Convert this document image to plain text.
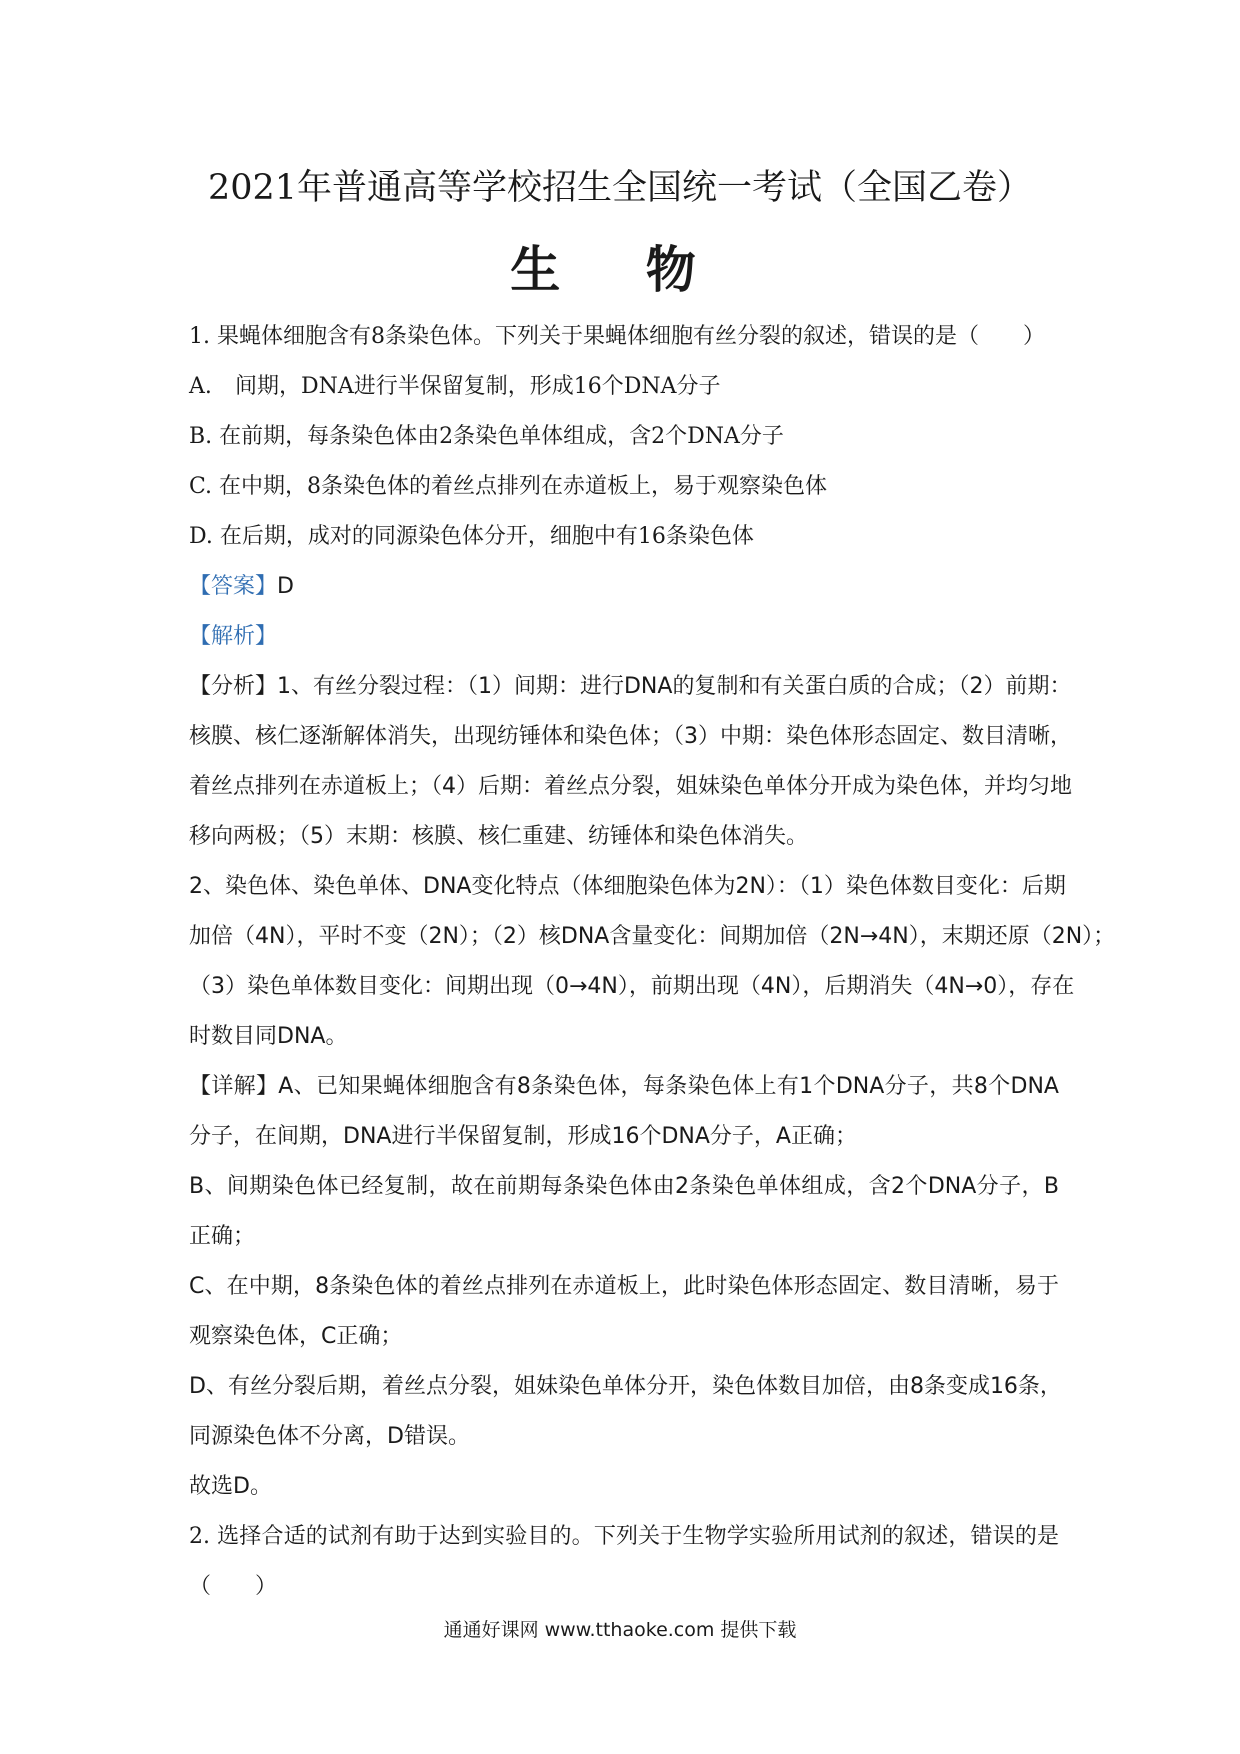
2021年普通高等学校招生全国统一考试（全国乙卷）
生 物
1. 果蝇体细胞含有8条染色体。下列关于果蝇体细胞有丝分裂的叙述，错误的是（　　）
A. 间期，DNA进行半保留复制，形成16个DNA分子
B. 在前期，每条染色体由2条染色单体组成，含2个DNA分子
C. 在中期，8条染色体的着丝点排列在赤道板上，易于观察染色体
D. 在后期，成对的同源染色体分开，细胞中有16条染色体
【答案】D
【解析】
【分析】1、有丝分裂过程：（1）间期：进行DNA的复制和有关蛋白质的合成；（2）前期：
核膜、核仁逐渐解体消失，出现纺锤体和染色体；（3）中期：染色体形态固定、数目清晰，
着丝点排列在赤道板上；（4）后期：着丝点分裂，姐妹染色单体分开成为染色体，并均匀地
移向两极；（5）末期：核膜、核仁重建、纺锤体和染色体消失。
2、染色体、染色单体、DNA变化特点（体细胞染色体为2N）：（1）染色体数目变化：后期
加倍（4N），平时不变（2N）；（2）核DNA含量变化：间期加倍（2N→4N），末期还原（2N）；
（3）染色单体数目变化：间期出现（0→4N），前期出现（4N），后期消失（4N→0），存在
时数目同DNA。
【详解】A、已知果蝇体细胞含有8条染色体，每条染色体上有1个DNA分子，共8个DNA
分子，在间期，DNA进行半保留复制，形成16个DNA分子，A正确；
B、间期染色体已经复制，故在前期每条染色体由2条染色单体组成，含2个DNA分子，B
正确；
C、在中期，8条染色体的着丝点排列在赤道板上，此时染色体形态固定、数目清晰，易于
观察染色体，C正确；
D、有丝分裂后期，着丝点分裂，姐妹染色单体分开，染色体数目加倍，由8条变成16条，
同源染色体不分离，D错误。
故选D。
2. 选择合适的试剂有助于达到实验目的。下列关于生物学实验所用试剂的叙述，错误的是
（　　）
通通好课网 www.tthaoke.com 提供下载
